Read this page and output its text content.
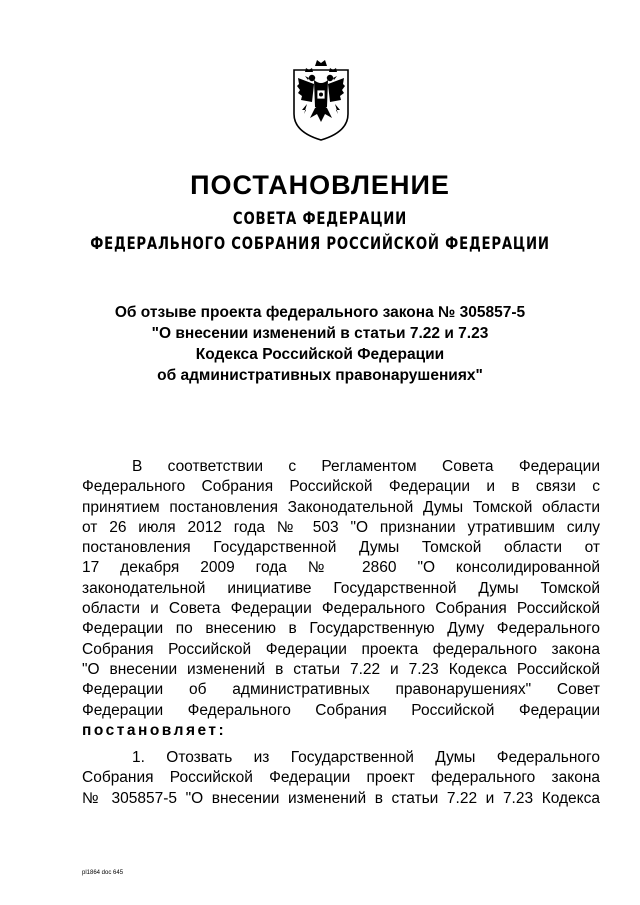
ПОСТАНОВЛЕНИЕ
СОВЕТА ФЕДЕРАЦИИ
ФЕДЕРАЛЬНОГО СОБРАНИЯ РОССИЙСКОЙ ФЕДЕРАЦИИ
Об отзыве проекта федерального закона № 305857-5
"О внесении изменений в статьи 7.22 и 7.23
Кодекса Российской Федерации
об административных правонарушениях"
В соответствии с Регламентом Совета Федерации
Федерального Собрания Российской Федерации и в связи с
принятием постановления Законодательной Думы Томской области
от 26 июля 2012 года № 503 "О признании утратившим силу
постановления Государственной Думы Томской области от
17 декабря 2009 года № 2860 "О консолидированной
законодательной инициативе Государственной Думы Томской
области и Совета Федерации Федерального Собрания Российской
Федерации по внесению в Государственную Думу Федерального
Собрания Российской Федерации проекта федерального закона
"О внесении изменений в статьи 7.22 и 7.23 Кодекса Российской
Федерации об административных правонарушениях" Совет
Федерации Федерального Собрания Российской Федерации
постановляет:
1. Отозвать из Государственной Думы Федерального
Собрания Российской Федерации проект федерального закона
№ 305857-5 "О внесении изменений в статьи 7.22 и 7.23 Кодекса
pl1864 doc 645
